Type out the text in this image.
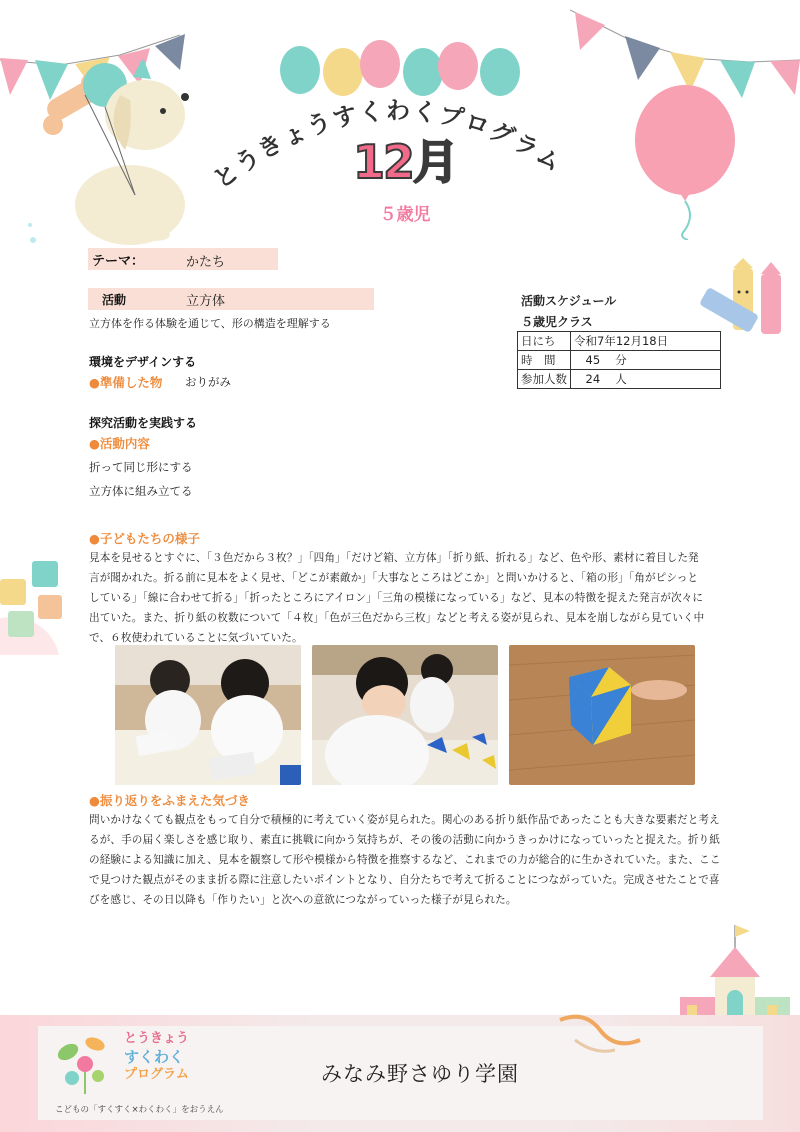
とうきょうすくわくプログラム
12月
５歳児
テーマ：	かたち
活動	立方体
立方体を作る体験を通じて、形の構造を理解する
環境をデザインする
●準備した物 おりがみ
探究活動を実践する
●活動内容
折って同じ形にする
立方体に組み立てる
活動スケジュール
５歳児クラス
日にち	令和7年12月18日
時　間	　45　 分
参加人数	　24　 人
●子どもたちの様子
見本を見せるとすぐに、「３色だから３枚？」「四角」「だけど箱、立方体」「折り紙、折れる」など、色や形、素材に着目した発
言が聞かれた。折る前に見本をよく見せ、「どこが素敵か」「大事なところはどこか」と問いかけると、「箱の形」「角がピシっと
している」「線に合わせて折る」「折ったところにアイロン」「三角の模様になっている」など、見本の特徴を捉えた発言が次々に
出ていた。また、折り紙の枚数について「４枚」「色が三色だから三枚」などと考える姿が見られ、見本を崩しながら見ていく中
で、６枚使われていることに気づいていた。
●振り返りをふまえた気づき
問いかけなくても観点をもって自分で積極的に考えていく姿が見られた。関心のある折り紙作品であったことも大きな要素だと考え
るが、手の届く楽しさを感じ取り、素直に挑戦に向かう気持ちが、その後の活動に向かうきっかけになっていったと捉えた。折り紙
の経験による知識に加え、見本を観察して形や模様から特徴を推察するなど、これまでの力が総合的に生かされていた。また、ここ
で見つけた観点がそのまま折る際に注意したいポイントとなり、自分たちで考えて折ることにつながっていた。完成させたことで喜
びを感じ、その日以降も「作りたい」と次への意欲につながっていった様子が見られた。
とうきょう
すくわく
プログラム
こどもの「すくすく×わくわく」をおうえん
みなみ野さゆり学園
